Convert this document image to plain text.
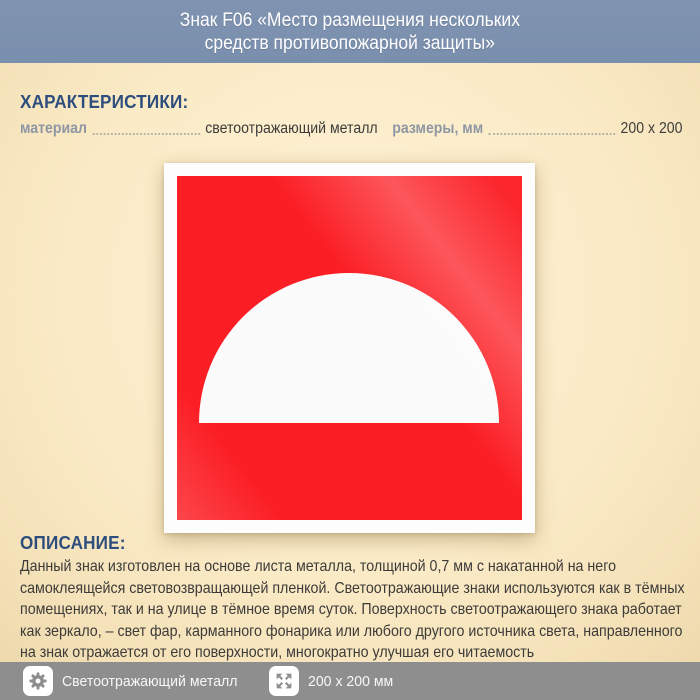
Знак F06 «Место размещения нескольких
средств противопожарной защиты»
ХАРАКТЕРИСТИКИ:
материал	светоотражающий металл размеры, мм	200 х 200
ОПИСАНИЕ:

Данный знак изготовлен на основе листа металла, толщиной 0,7 мм с накатанной на него самоклеящейся световозвращающей пленкой. Светоотражающие знаки используются как в тёмных помещениях, так и на улице в тёмное время суток. Поверхность светоотражающего знака работает как зеркало, – свет фар, карманного фонарика или любого другого источника света, направленного на знак отражается от его поверхности, многократно улучшая его читаемость

Светоотражающий металл	200 х 200 мм
